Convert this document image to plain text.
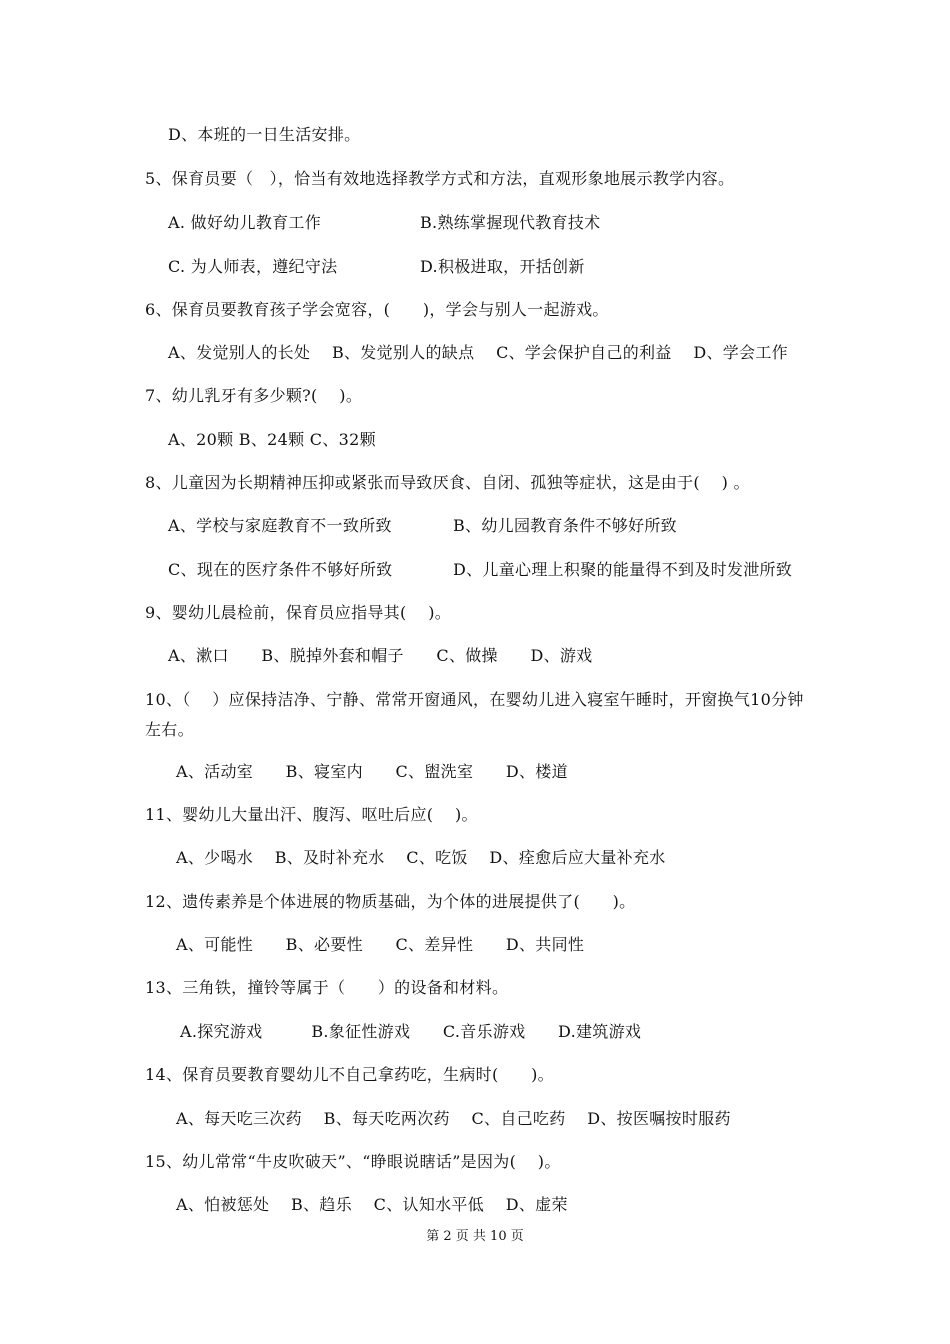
D、本班的一日生活安排。
5、保育员要（　），恰当有效地选择教学方式和方法，直观形象地展示教学内容。
A. 做好幼儿教育工作	B.熟练掌握现代教育技术
C. 为人师表，遵纪守法	D.积极进取，开括创新
6、保育员要教育孩子学会宽容，(　　)，学会与别人一起游戏。
A、发觉别人的长处　 B、发觉别人的缺点　 C、学会保护自己的利益　 D、学会工作
7、幼儿乳牙有多少颗?(　 )。
A、20颗 B、24颗 C、32颗
8、儿童因为长期精神压抑或紧张而导致厌食、自闭、孤独等症状，这是由于(　 ) 。
A、学校与家庭教育不一致所致	B、幼儿园教育条件不够好所致
C、现在的医疗条件不够好所致	D、儿童心理上积聚的能量得不到及时发泄所致
9、婴幼儿晨检前，保育员应指导其(　 )。
A、漱口　　B、脱掉外套和帽子　　C、做操　　D、游戏
10、（　 ）应保持洁净、宁静、常常开窗通风，在婴幼儿进入寝室午睡时，开窗换气10分钟左右。
A、活动室　　B、寝室内　　C、盥洗室　　D、楼道
11、婴幼儿大量出汗、腹泻、呕吐后应(　 )。
A、少喝水　 B、及时补充水　 C、吃饭　 D、痊愈后应大量补充水
12、遗传素养是个体进展的物质基础，为个体的进展提供了(　　)。
A、可能性　　B、必要性　　C、差异性　　D、共同性
13、三角铁，撞铃等属于（　　）的设备和材料。
A.探究游戏　　　B.象征性游戏　　C.音乐游戏　　D.建筑游戏
14、保育员要教育婴幼儿不自己拿药吃，生病时(　　)。
A、每天吃三次药　 B、每天吃两次药　 C、自己吃药　 D、按医嘱按时服药
15、幼儿常常“牛皮吹破天”、“睁眼说瞎话”是因为(　 )。
A、怕被惩处　 B、趋乐　 C、认知水平低　 D、虚荣
第 2 页 共 10 页
